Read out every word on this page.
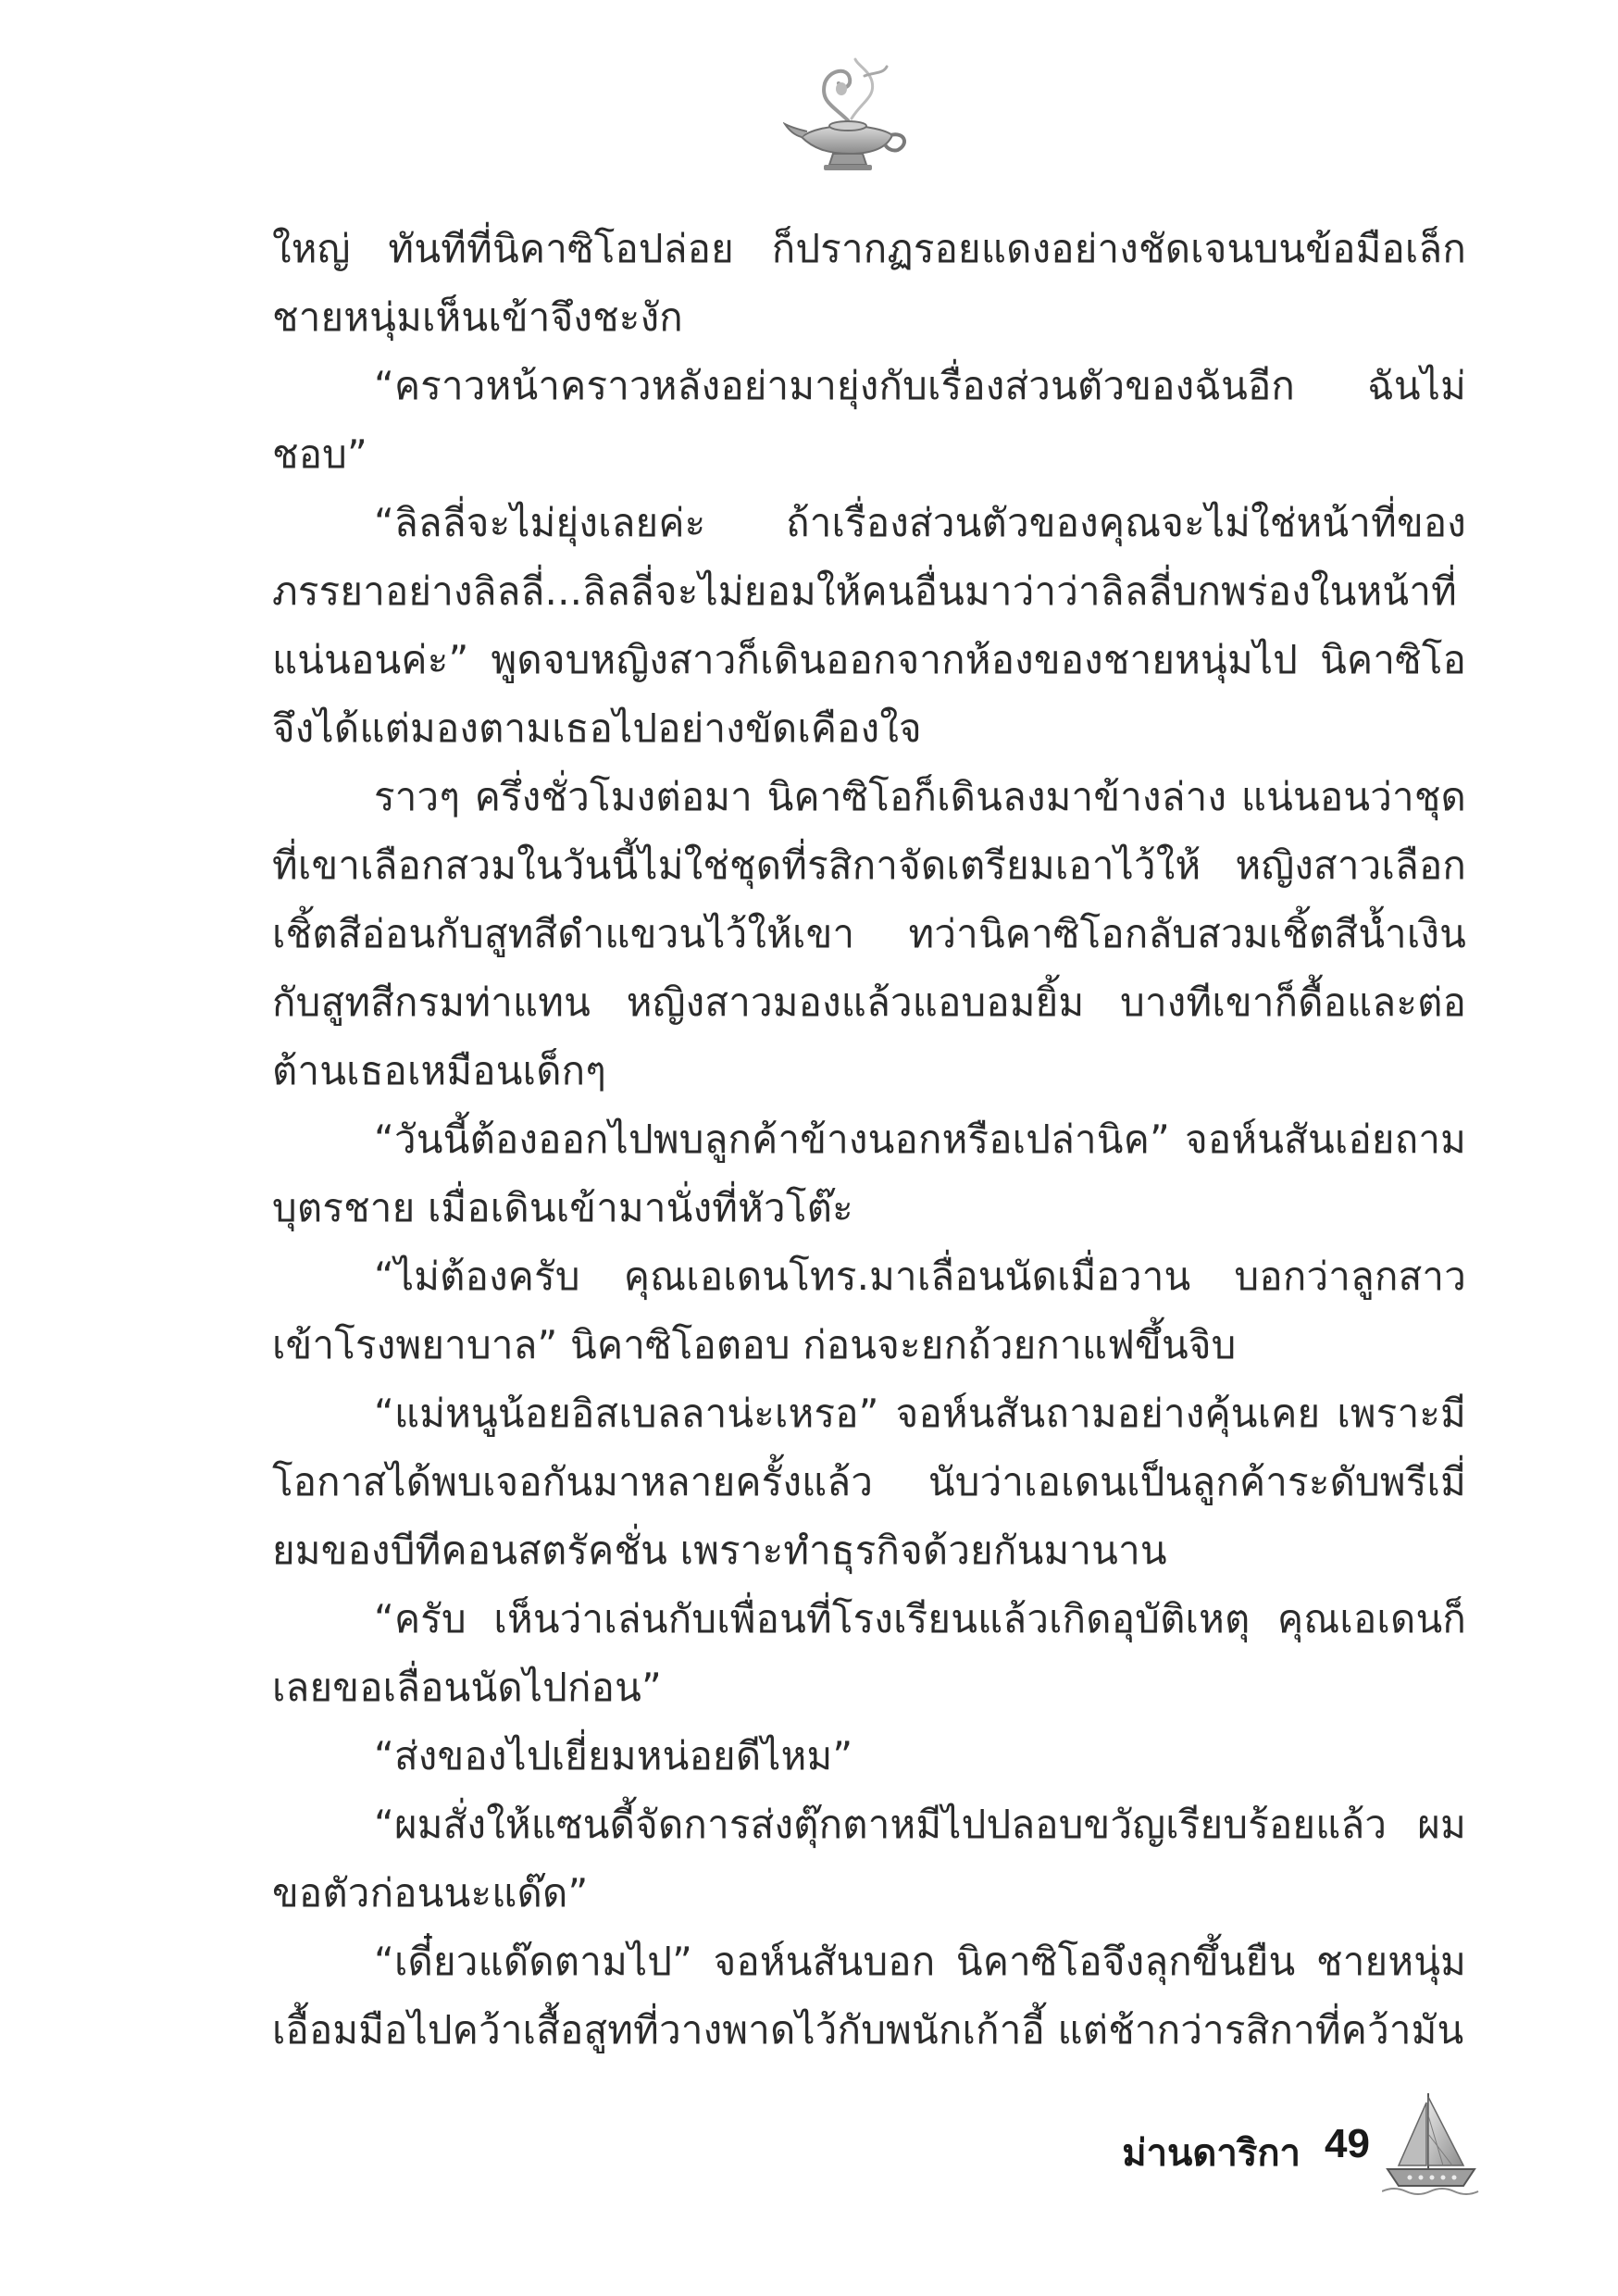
ใหญ่ ทันทีที่นิคาซิโอปล่อย ก็ปรากฏรอยแดงอย่างชัดเจนบนข้อมือเล็ก ชายหนุ่มเห็นเข้าจึงชะงัก

“คราวหน้าคราวหลังอย่ามายุ่งกับเรื่องส่วนตัวของฉันอีก ฉันไม่ชอบ”

“ลิลลี่จะไม่ยุ่งเลยค่ะ ถ้าเรื่องส่วนตัวของคุณจะไม่ใช่หน้าที่ของภรรยาอย่างลิลลี่...ลิลลี่จะไม่ยอมให้คนอื่นมาว่าว่าลิลลี่บกพร่องในหน้าที่แน่นอนค่ะ” พูดจบหญิงสาวก็เดินออกจากห้องของชายหนุ่มไป นิคาซิโอจึงได้แต่มองตามเธอไปอย่างขัดเคืองใจ

ราวๆ ครึ่งชั่วโมงต่อมา นิคาซิโอก็เดินลงมาข้างล่าง แน่นอนว่าชุดที่เขาเลือกสวมในวันนี้ไม่ใช่ชุดที่รสิกาจัดเตรียมเอาไว้ให้ หญิงสาวเลือกเชิ้ตสีอ่อนกับสูทสีดำแขวนไว้ให้เขา ทว่านิคาซิโอกลับสวมเชิ้ตสีน้ำเงินกับสูทสีกรมท่าแทน หญิงสาวมองแล้วแอบอมยิ้ม บางทีเขาก็ดื้อและต่อต้านเธอเหมือนเด็กๆ

“วันนี้ต้องออกไปพบลูกค้าข้างนอกหรือเปล่านิค” จอห์นสันเอ่ยถามบุตรชาย เมื่อเดินเข้ามานั่งที่หัวโต๊ะ

“ไม่ต้องครับ คุณเอเดนโทร.มาเลื่อนนัดเมื่อวาน บอกว่าลูกสาวเข้าโรงพยาบาล” นิคาซิโอตอบ ก่อนจะยกถ้วยกาแฟขึ้นจิบ

“แม่หนูน้อยอิสเบลลาน่ะเหรอ” จอห์นสันถามอย่างคุ้นเคย เพราะมีโอกาสได้พบเจอกันมาหลายครั้งแล้ว นับว่าเอเดนเป็นลูกค้าระดับพรีเมี่ยมของบีทีคอนสตรัคชั่น เพราะทำธุรกิจด้วยกันมานาน

“ครับ เห็นว่าเล่นกับเพื่อนที่โรงเรียนแล้วเกิดอุบัติเหตุ คุณเอเดนก็เลยขอเลื่อนนัดไปก่อน”

“ส่งของไปเยี่ยมหน่อยดีไหม”

“ผมสั่งให้แซนดี้จัดการส่งตุ๊กตาหมีไปปลอบขวัญเรียบร้อยแล้ว ผมขอตัวก่อนนะแด๊ด”

“เดี๋ยวแด๊ดตามไป” จอห์นสันบอก นิคาซิโอจึงลุกขึ้นยืน ชายหนุ่มเอื้อมมือไปคว้าเสื้อสูทที่วางพาดไว้กับพนักเก้าอี้ แต่ช้ากว่ารสิกาที่คว้ามัน

ม่านดาริกา 49
